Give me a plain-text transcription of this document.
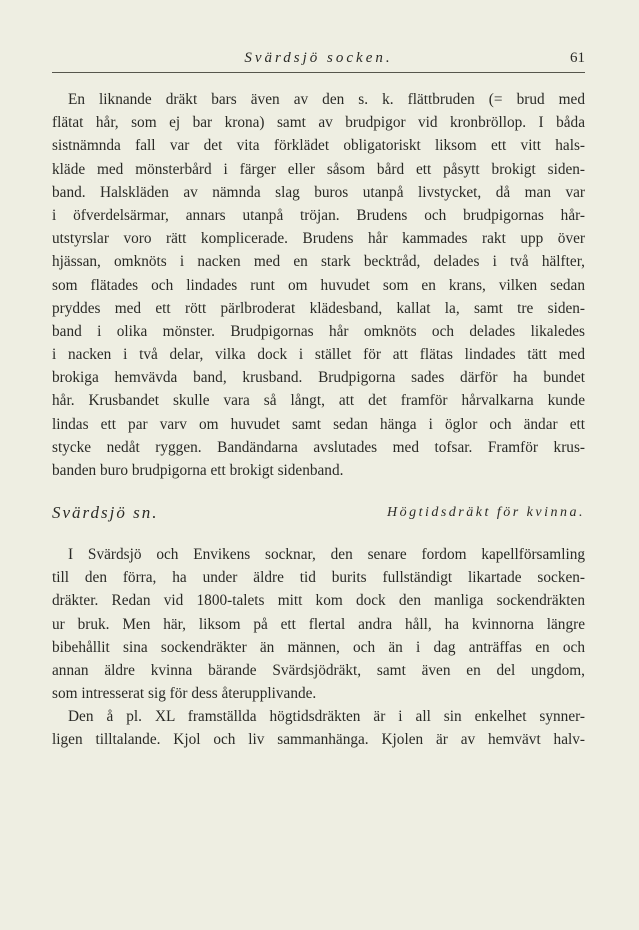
Svärdsjö socken.	61
En liknande dräkt bars även av den s. k. flättbruden (= brud med
flätat hår, som ej bar krona) samt av brudpigor vid kronbröllop. I båda
sistnämnda fall var det vita förklädet obligatoriskt liksom ett vitt hals-
kläde med mönsterbård i färger eller såsom bård ett påsytt brokigt siden-
band. Halskläden av nämnda slag buros utanpå livstycket, då man var
i öfverdelsärmar, annars utanpå tröjan. Brudens och brudpigornas hår-
utstyrslar voro rätt komplicerade. Brudens hår kammades rakt upp över
hjässan, omknöts i nacken med en stark becktråd, delades i två hälfter,
som flätades och lindades runt om huvudet som en krans, vilken sedan
pryddes med ett rött pärlbroderat klädesband, kallat la, samt tre siden-
band i olika mönster. Brudpigornas hår omknöts och delades likaledes
i nacken i två delar, vilka dock i stället för att flätas lindades tätt med
brokiga hemvävda band, krusband. Brudpigorna sades därför ha bundet
hår. Krusbandet skulle vara så långt, att det framför hårvalkarna kunde
lindas ett par varv om huvudet samt sedan hänga i öglor och ändar ett
stycke nedåt ryggen. Bandändarna avslutades med tofsar. Framför krus-
banden buro brudpigorna ett brokigt sidenband.
Svärdsjö sn.	Högtidsdräkt för kvinna.
I Svärdsjö och Envikens socknar, den senare fordom kapellförsamling
till den förra, ha under äldre tid burits fullständigt likartade socken-
dräkter. Redan vid 1800-talets mitt kom dock den manliga sockendräkten
ur bruk. Men här, liksom på ett flertal andra håll, ha kvinnorna längre
bibehållit sina sockendräkter än männen, och än i dag anträffas en och
annan äldre kvinna bärande Svärdsjödräkt, samt även en del ungdom,
som intresserat sig för dess återupplivande.
Den å pl. XL framställda högtidsdräkten är i all sin enkelhet synner-
ligen tilltalande. Kjol och liv sammanhänga. Kjolen är av hemvävt halv-
